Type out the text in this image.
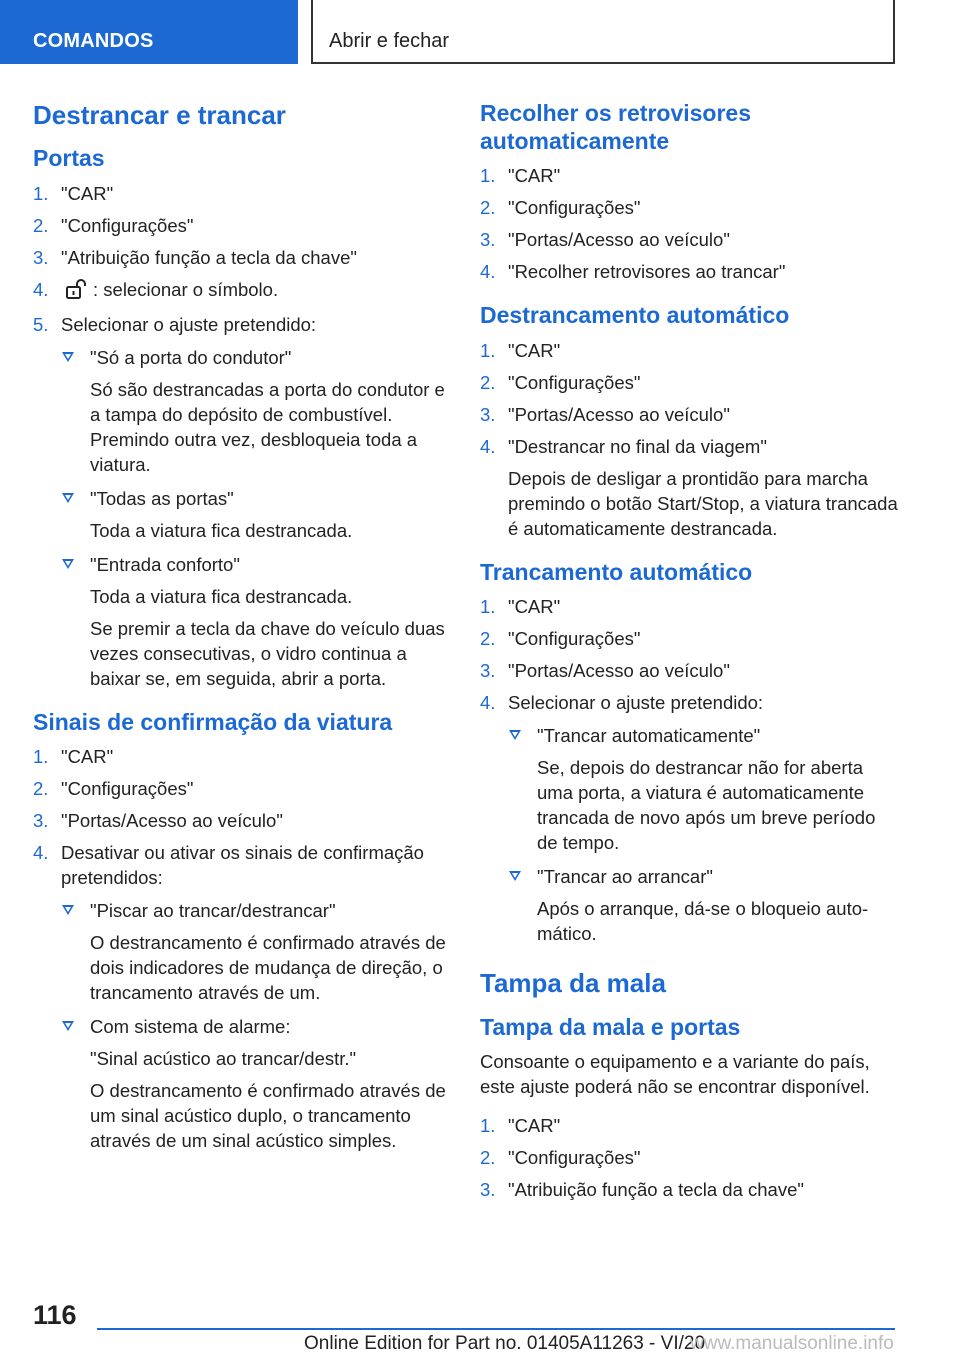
COMANDOS	Abrir e fechar
Destrancar e trancar
Portas
1. "CAR"
2. "Configurações"
3. "Atribuição função a tecla da chave"
4. : selecionar o símbolo.
5. Selecionar o ajuste pretendido:
"Só a porta do condutor"
Só são destrancadas a porta do condutor e a tampa do depósito de combustível. Premindo outra vez, desbloqueia toda a viatura.
"Todas as portas"
Toda a viatura fica destrancada.
"Entrada conforto"
Toda a viatura fica destrancada.
Se premir a tecla da chave do veículo duas vezes consecutivas, o vidro continua a baixar se, em seguida, abrir a porta.
Sinais de confirmação da viatura
1. "CAR"
2. "Configurações"
3. "Portas/Acesso ao veículo"
4. Desativar ou ativar os sinais de confirmação pretendidos:
"Piscar ao trancar/destrancar"
O destrancamento é confirmado através de dois indicadores de mudança de direção, o trancamento através de um.
Com sistema de alarme:
"Sinal acústico ao trancar/destr."
O destrancamento é confirmado através de um sinal acústico duplo, o trancamento através de um sinal acústico simples.
Recolher os retrovisores automaticamente
1. "CAR"
2. "Configurações"
3. "Portas/Acesso ao veículo"
4. "Recolher retrovisores ao trancar"
Destrancamento automático
1. "CAR"
2. "Configurações"
3. "Portas/Acesso ao veículo"
4. "Destrancar no final da viagem"
Depois de desligar a prontidão para marcha premindo o botão Start/Stop, a viatura trancada é automaticamente destrancada.
Trancamento automático
1. "CAR"
2. "Configurações"
3. "Portas/Acesso ao veículo"
4. Selecionar o ajuste pretendido:
"Trancar automaticamente"
Se, depois do destrancar não for aberta uma porta, a viatura é automaticamente trancada de novo após um breve período de tempo.
"Trancar ao arrancar"
Após o arranque, dá-se o bloqueio automático.
Tampa da mala
Tampa da mala e portas

Consoante o equipamento e a variante do país, este ajuste poderá não se encontrar disponível.

1. "CAR"
2. "Configurações"
3. "Atribuição função a tecla da chave"
116
Online Edition for Part no. 01405A11263 - VI/20
www.manualsonline.info
